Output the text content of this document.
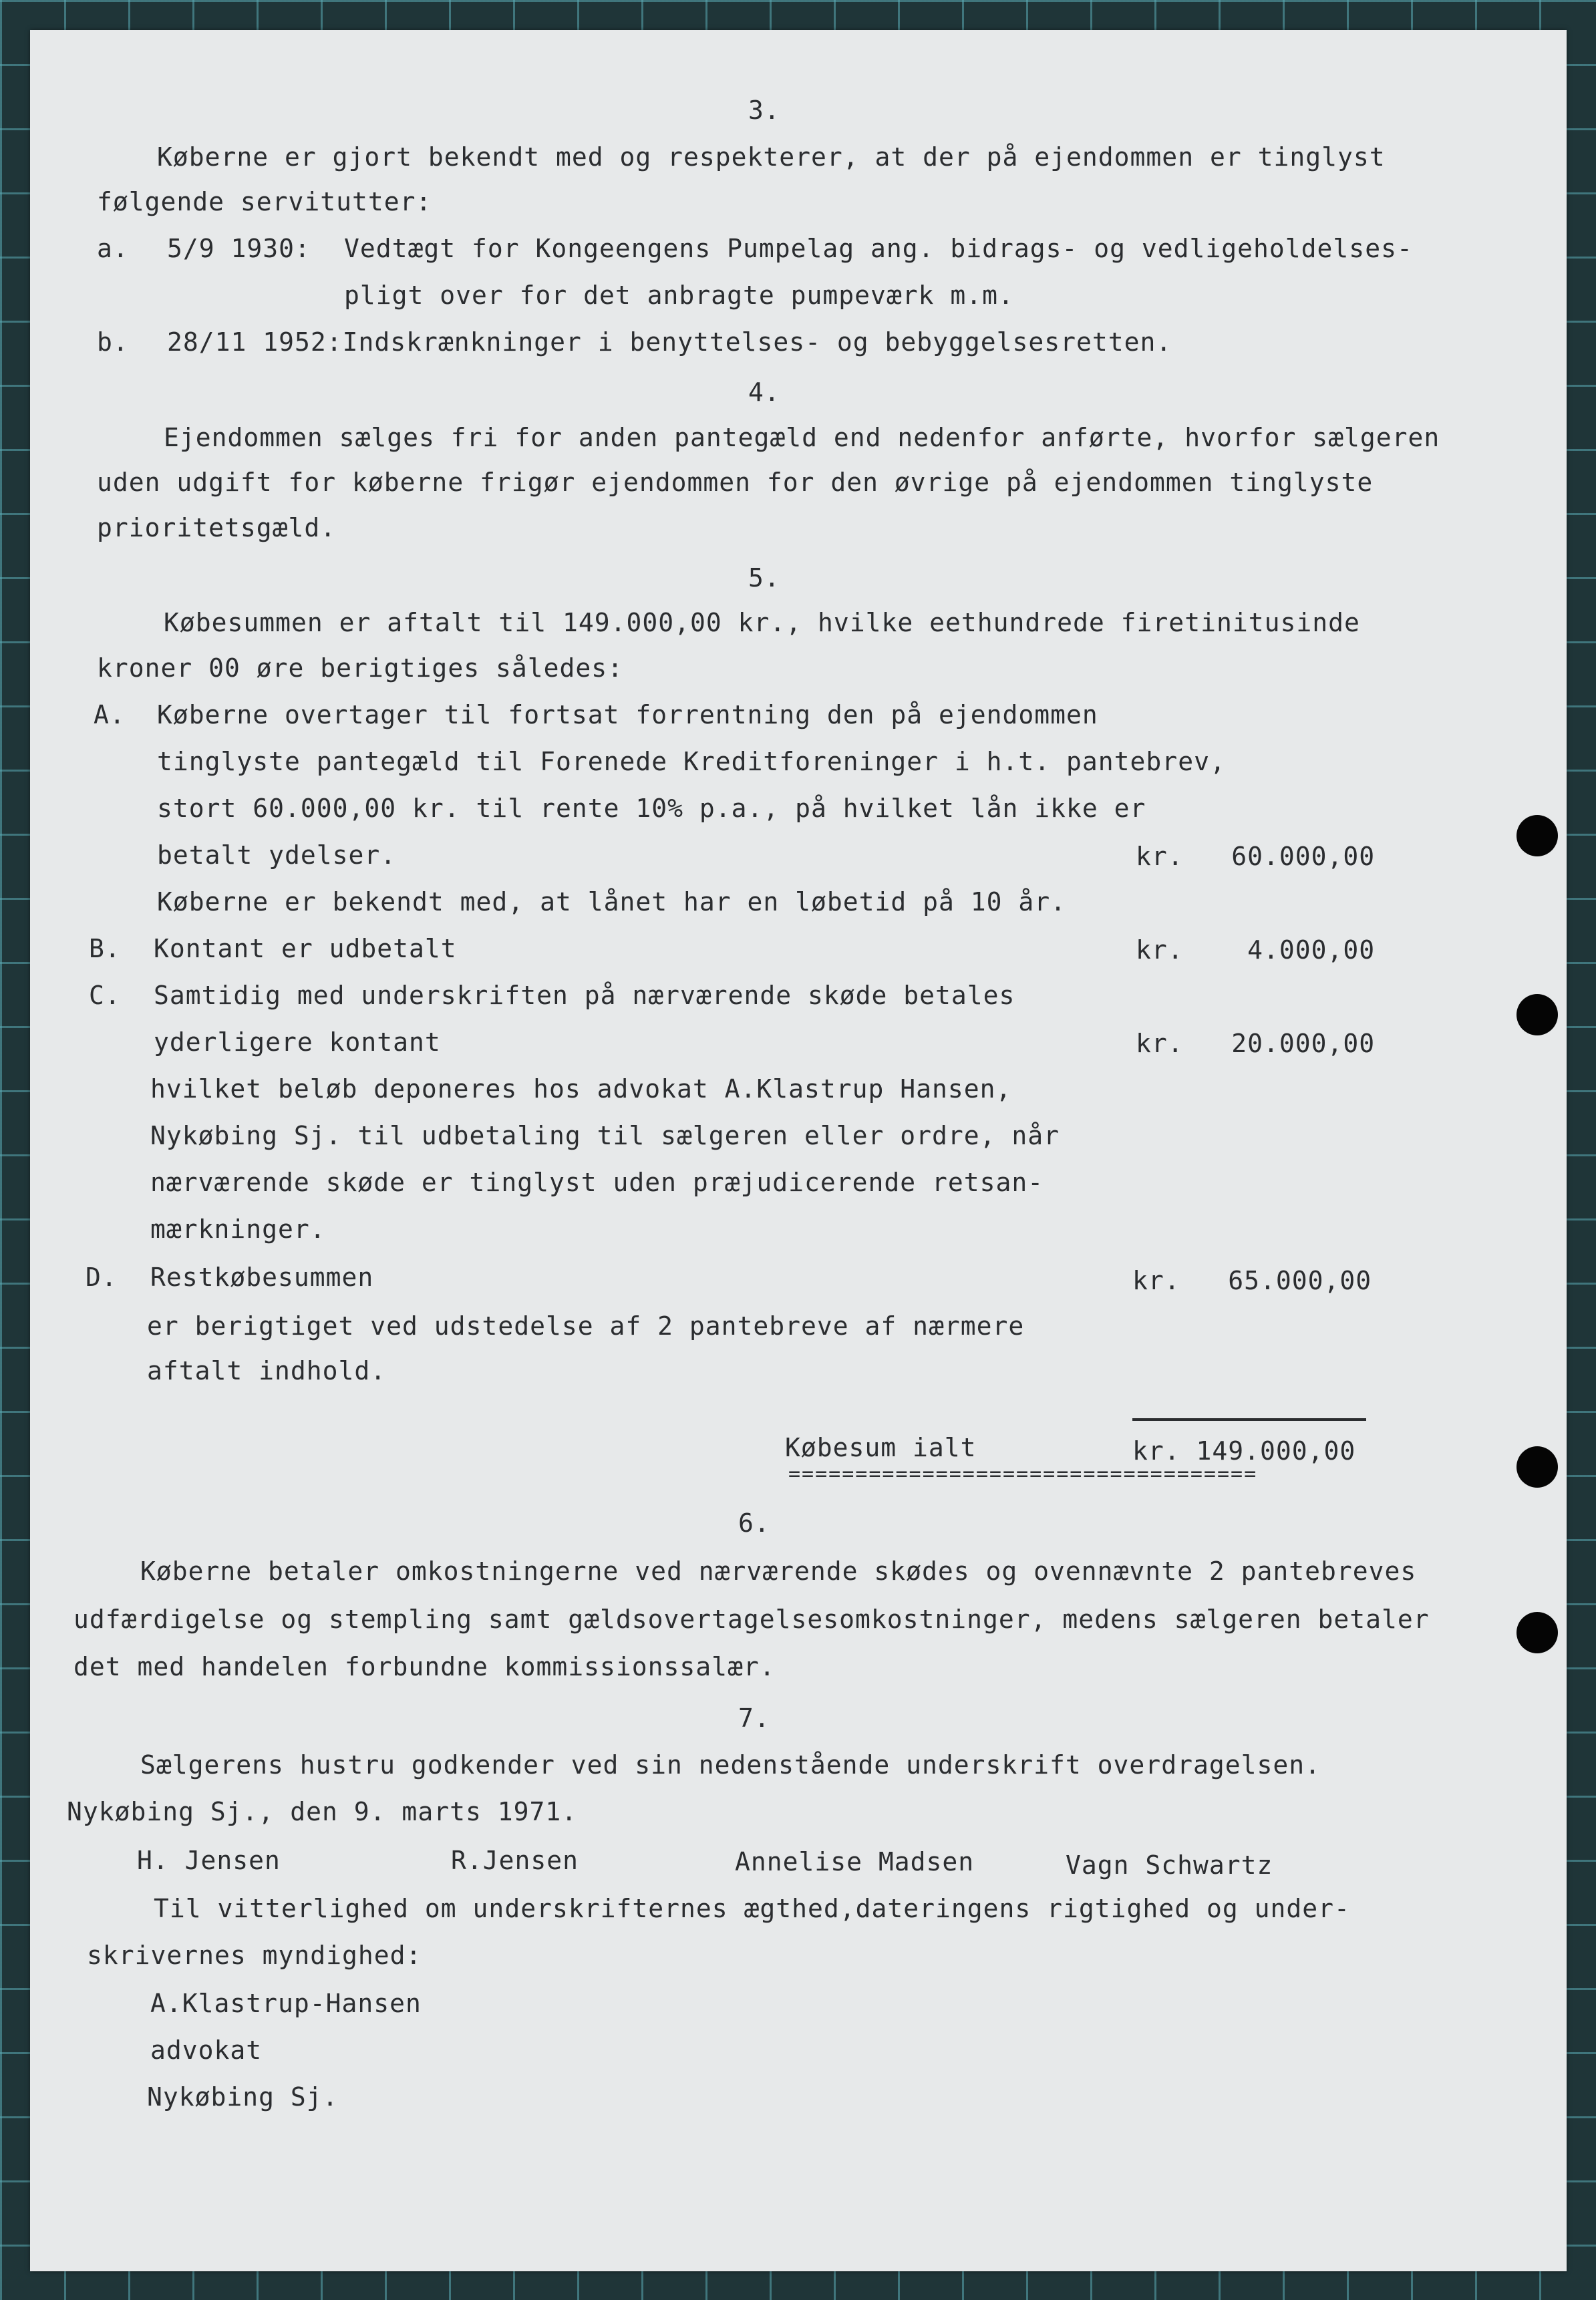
3.
Køberne er gjort bekendt med og respekterer, at der på ejendommen er tinglyst
følgende servitutter:
a. 5/9 1930: Vedtægt for Kongeengens Pumpelag ang. bidrags- og vedligeholdelses-
pligt over for det anbragte pumpeværk m.m.
b. 28/11 1952:Indskrænkninger i benyttelses- og bebyggelsesretten.
4.
Ejendommen sælges fri for anden pantegæld end nedenfor anførte, hvorfor sælgeren
uden udgift for køberne frigør ejendommen for den øvrige på ejendommen tinglyste
prioritetsgæld.
5.
Købesummen er aftalt til 149.000,00 kr., hvilke eethundrede firetinitusinde
kroner 00 øre berigtiges således:
A. Køberne overtager til fortsat forrentning den på ejendommen
tinglyste pantegæld til Forenede Kreditforeninger i h.t. pantebrev,
stort 60.000,00 kr. til rente 10% p.a., på hvilket lån ikke er
betalt ydelser.	kr.   60.000,00
Køberne er bekendt med, at lånet har en løbetid på 10 år.
B. Kontant er udbetalt	kr.    4.000,00
C. Samtidig med underskriften på nærværende skøde betales
yderligere kontant	kr.   20.000,00
hvilket beløb deponeres hos advokat A.Klastrup Hansen,
Nykøbing Sj. til udbetaling til sælgeren eller ordre, når
nærværende skøde er tinglyst uden præjudicerende retsan-
mærkninger.
D. Restkøbesummen	kr.   65.000,00
er berigtiget ved udstedelse af 2 pantebreve af nærmere
aftalt indhold.
Købesum ialt	kr. 149.000,00
===================================
6.
Køberne betaler omkostningerne ved nærværende skødes og ovennævnte 2 pantebreves
udfærdigelse og stempling samt gældsovertagelsesomkostninger, medens sælgeren betaler
det med handelen forbundne kommissionssalær.
7.
Sælgerens hustru godkender ved sin nedenstående underskrift overdragelsen.
Nykøbing Sj., den 9. marts 1971.
H. Jensen	R.Jensen	Annelise Madsen	Vagn Schwartz
Til vitterlighed om underskrifternes ægthed,dateringens rigtighed og under-
skrivernes myndighed:
A.Klastrup-Hansen
advokat
Nykøbing Sj.
